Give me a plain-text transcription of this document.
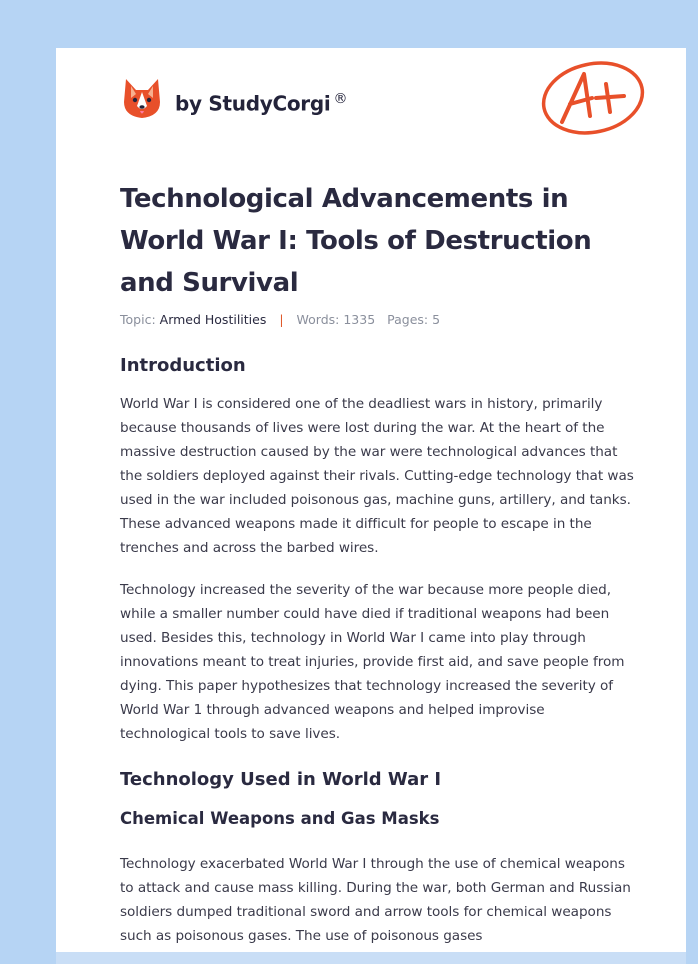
by StudyCorgi ®
Technological Advancements in World War I: Tools of Destruction and Survival
Topic: Armed Hostilities | Words: 1335 Pages: 5
Introduction

World War I is considered one of the deadliest wars in history, primarily because thousands of lives were lost during the war. At the heart of the massive destruction caused by the war were technological advances that the soldiers deployed against their rivals. Cutting-edge technology that was used in the war included poisonous gas, machine guns, artillery, and tanks. These advanced weapons made it difficult for people to escape in the trenches and across the barbed wires.

Technology increased the severity of the war because more people died, while a smaller number could have died if traditional weapons had been used. Besides this, technology in World War I came into play through innovations meant to treat injuries, provide first aid, and save people from dying. This paper hypothesizes that technology increased the severity of World War 1 through advanced weapons and helped improvise technological tools to save lives.

Technology Used in World War I
Chemical Weapons and Gas Masks

Technology exacerbated World War I through the use of chemical weapons to attack and cause mass killing. During the war, both German and Russian soldiers dumped traditional sword and arrow tools for chemical weapons such as poisonous gases. The use of poisonous gases
